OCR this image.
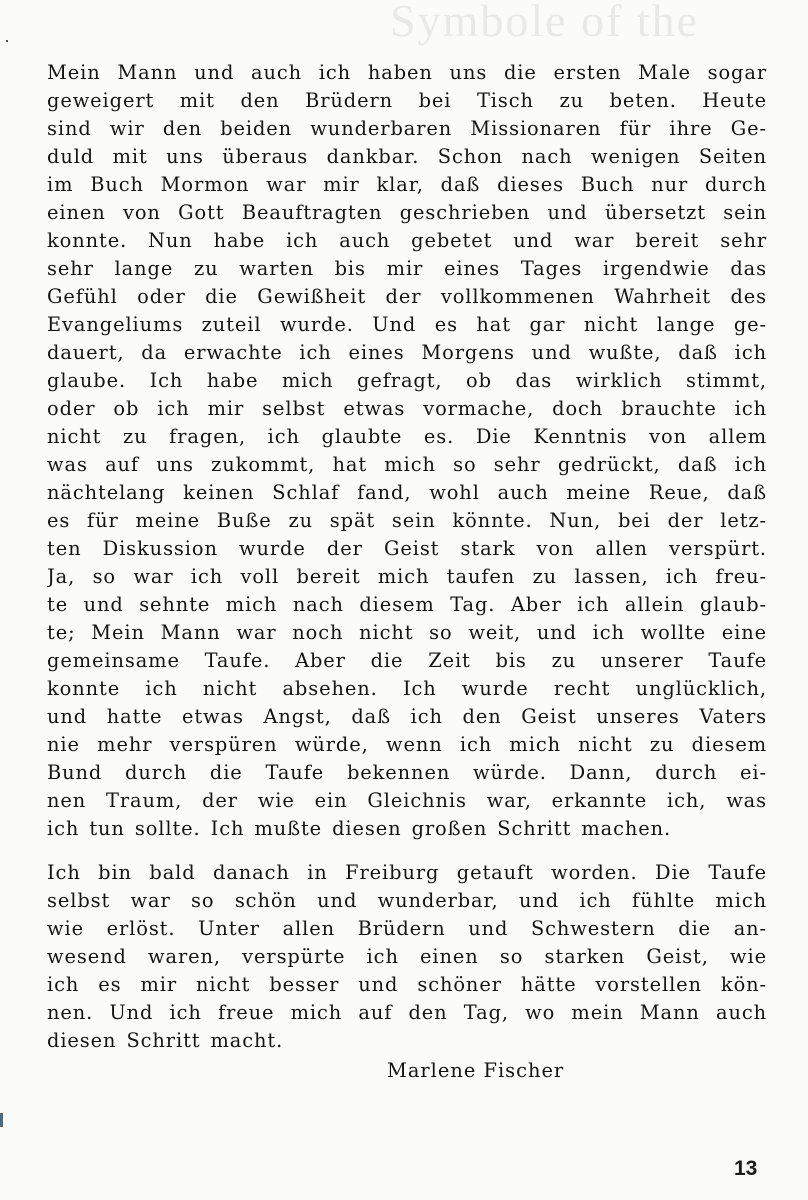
Symbole of the
Mein Mann und auch ich haben uns die ersten Male sogar
geweigert mit den Brüdern bei Tisch zu beten. Heute
sind wir den beiden wunderbaren Missionaren für ihre Ge-
duld mit uns überaus dankbar. Schon nach wenigen Seiten
im Buch Mormon war mir klar, daß dieses Buch nur durch
einen von Gott Beauftragten geschrieben und übersetzt sein
konnte. Nun habe ich auch gebetet und war bereit sehr
sehr lange zu warten bis mir eines Tages irgendwie das
Gefühl oder die Gewißheit der vollkommenen Wahrheit des
Evangeliums zuteil wurde. Und es hat gar nicht lange ge-
dauert, da erwachte ich eines Morgens und wußte, daß ich
glaube. Ich habe mich gefragt, ob das wirklich stimmt,
oder ob ich mir selbst etwas vormache, doch brauchte ich
nicht zu fragen, ich glaubte es. Die Kenntnis von allem
was auf uns zukommt, hat mich so sehr gedrückt, daß ich
nächtelang keinen Schlaf fand, wohl auch meine Reue, daß
es für meine Buße zu spät sein könnte. Nun, bei der letz-
ten Diskussion wurde der Geist stark von allen verspürt.
Ja, so war ich voll bereit mich taufen zu lassen, ich freu-
te und sehnte mich nach diesem Tag. Aber ich allein glaub-
te; Mein Mann war noch nicht so weit, und ich wollte eine
gemeinsame Taufe. Aber die Zeit bis zu unserer Taufe
konnte ich nicht absehen. Ich wurde recht unglücklich,
und hatte etwas Angst, daß ich den Geist unseres Vaters
nie mehr verspüren würde, wenn ich mich nicht zu diesem
Bund durch die Taufe bekennen würde. Dann, durch ei-
nen Traum, der wie ein Gleichnis war, erkannte ich, was
ich tun sollte. Ich mußte diesen großen Schritt machen.
Ich bin bald danach in Freiburg getauft worden. Die Taufe
selbst war so schön und wunderbar, und ich fühlte mich
wie erlöst. Unter allen Brüdern und Schwestern die an-
wesend waren, verspürte ich einen so starken Geist, wie
ich es mir nicht besser und schöner hätte vorstellen kön-
nen. Und ich freue mich auf den Tag, wo mein Mann auch
diesen Schritt macht.
Marlene Fischer
13
